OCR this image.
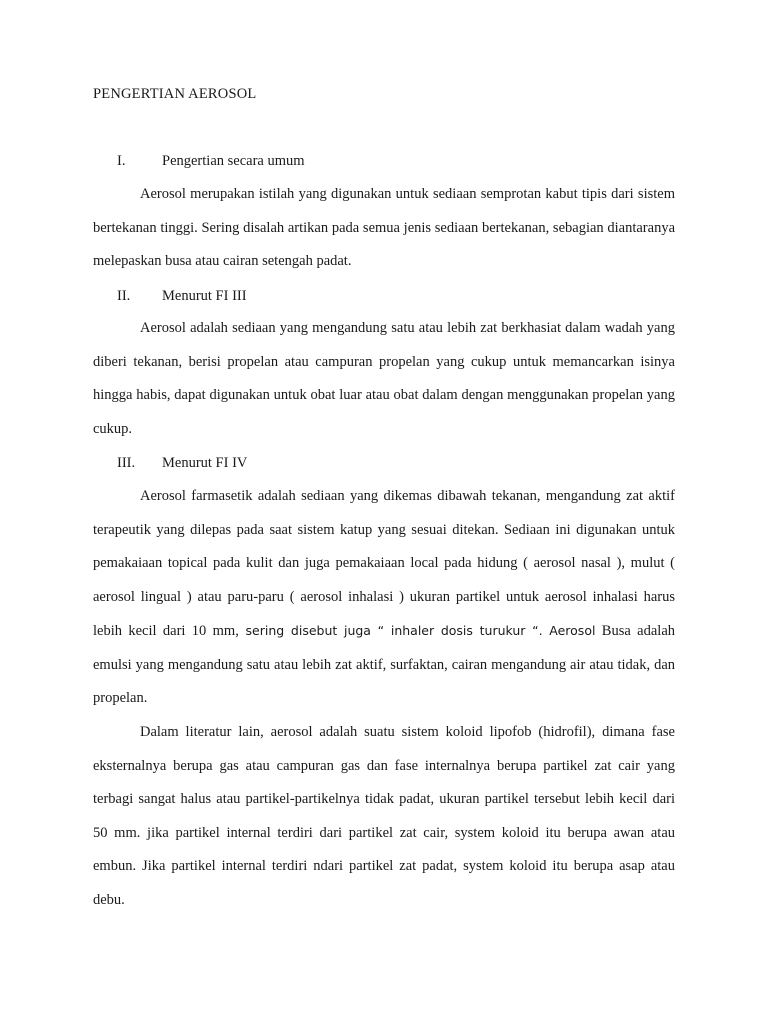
PENGERTIAN AEROSOL
I.	Pengertian secara umum

Aerosol merupakan istilah yang digunakan untuk sediaan semprotan kabut tipis dari sistem bertekanan tinggi. Sering disalah artikan pada semua jenis sediaan bertekanan, sebagian diantaranya melepaskan busa atau cairan setengah padat.

II. Menurut FI III

Aerosol adalah sediaan yang mengandung satu atau lebih zat berkhasiat dalam wadah yang diberi tekanan, berisi propelan atau campuran propelan yang cukup untuk memancarkan isinya hingga habis, dapat digunakan untuk obat luar atau obat dalam dengan menggunakan propelan yang cukup.

III. Menurut FI IV

Aerosol farmasetik adalah sediaan yang dikemas dibawah tekanan, mengandung zat aktif terapeutik yang dilepas pada saat sistem katup yang sesuai ditekan. Sediaan ini digunakan untuk pemakaiaan topical pada kulit dan juga pemakaiaan local pada hidung ( aerosol nasal ), mulut ( aerosol lingual ) atau paru-paru ( aerosol inhalasi ) ukuran partikel untuk aerosol inhalasi harus lebih kecil dari 10 mm, sering disebut juga “ inhaler dosis turukur “. Aerosol Busa adalah emulsi yang mengandung satu atau lebih zat aktif, surfaktan, cairan mengandung air atau tidak, dan propelan.

Dalam literatur lain, aerosol adalah suatu sistem koloid lipofob (hidrofil), dimana fase eksternalnya berupa gas atau campuran gas dan fase internalnya berupa partikel zat cair yang terbagi sangat halus atau partikel-partikelnya tidak padat, ukuran partikel tersebut lebih kecil dari 50 mm. jika partikel internal terdiri dari partikel zat cair, system koloid itu berupa awan atau embun. Jika partikel internal terdiri ndari partikel zat padat, system koloid itu berupa asap atau debu.
